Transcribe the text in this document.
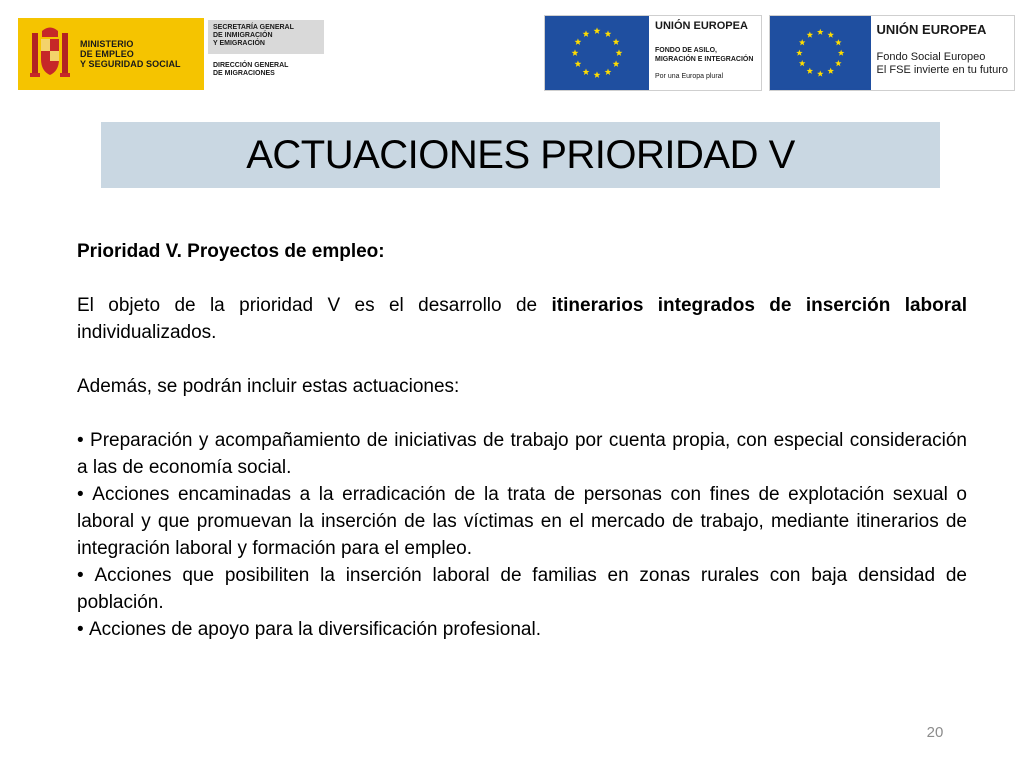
MINISTERIO
DE EMPLEO
Y SEGURIDAD SOCIAL
SECRETARÍA GENERAL
DE INMIGRACIÓN
Y EMIGRACIÓN
DIRECCIÓN GENERAL
DE MIGRACIONES
UNIÓN EUROPEA
FONDO DE ASILO,
MIGRACIÓN E INTEGRACIÓN
Por una Europa plural
UNIÓN EUROPEA
Fondo Social Europeo
El FSE invierte en tu futuro
ACTUACIONES PRIORIDAD V

Prioridad V. Proyectos de empleo:

El objeto de la prioridad V es el desarrollo de itinerarios integrados de inserción laboral individualizados.

Además, se podrán incluir estas actuaciones:

• Preparación y acompañamiento de iniciativas de trabajo por cuenta propia, con especial consideración a las de economía social.

• Acciones encaminadas a la erradicación de la trata de personas con fines de explotación sexual o laboral y que promuevan la inserción de las víctimas en el mercado de trabajo, mediante itinerarios de integración laboral y formación para el empleo.

• Acciones que posibiliten la inserción laboral de familias en zonas rurales con baja densidad de población.

• Acciones de apoyo para la diversificación profesional.

20
